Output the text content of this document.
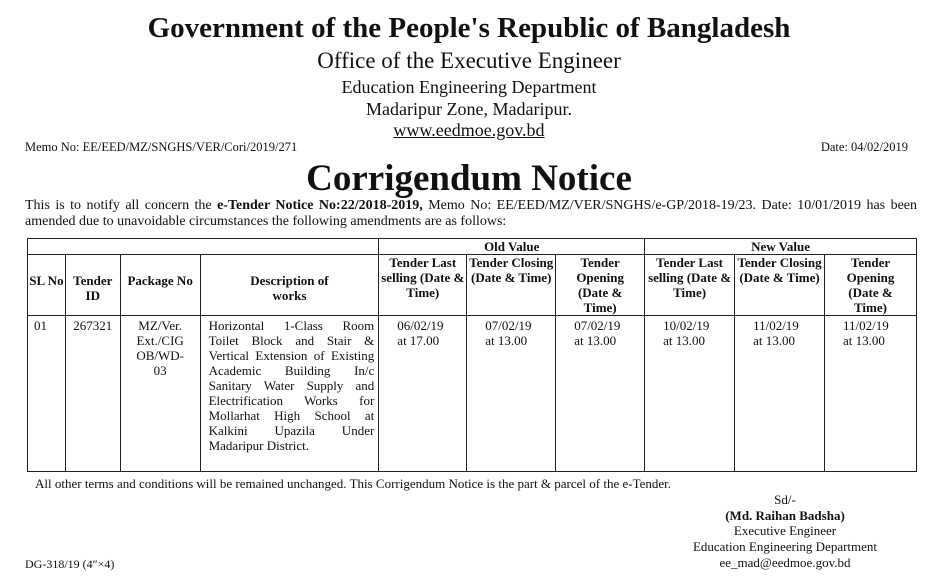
Government of the People's Republic of Bangladesh
Office of the Executive Engineer
Education Engineering Department
Madaripur Zone, Madaripur.
www.eedmoe.gov.bd
Memo No: EE/EED/MZ/SNGHS/VER/Cori/2019/271	Date: 04/02/2019
Corrigendum Notice
This is to notify all concern the e-Tender Notice No:22/2018-2019, Memo No: EE/EED/MZ/VER/SNGHS/e-GP/2018-19/23. Date: 10/01/2019 has been amended due to unavoidable circumstances the following amendments are as follows:
				Old Value			New Value		
SL No	Tender ID	Package No	Description of works	Tender Last selling (Date & Time)	Tender Closing (Date & Time)	Tender Opening (Date & Time)	Tender Last selling (Date & Time)	Tender Closing (Date & Time)	Tender Opening (Date & Time)
01	267321	MZ/Ver. Ext./CIG OB/WD-03	Horizontal 1-Class Room Toilet Block and Stair & Vertical Extension of Existing Academic Building In/c Sanitary Water Supply and Electrification Works for Mollarhat High School at Kalkini Upazila Under Madaripur District.	06/02/19 at 17.00	07/02/19 at 13.00	07/02/19 at 13.00	10/02/19 at 13.00	11/02/19 at 13.00	11/02/19 at 13.00
All other terms and conditions will be remained unchanged. This Corrigendum Notice is the part & parcel of the e-Tender.
Sd/-
(Md. Raihan Badsha)
Executive Engineer
Education Engineering Department
ee_mad@eedmoe.gov.bd
DG-318/19 (4″×4)
